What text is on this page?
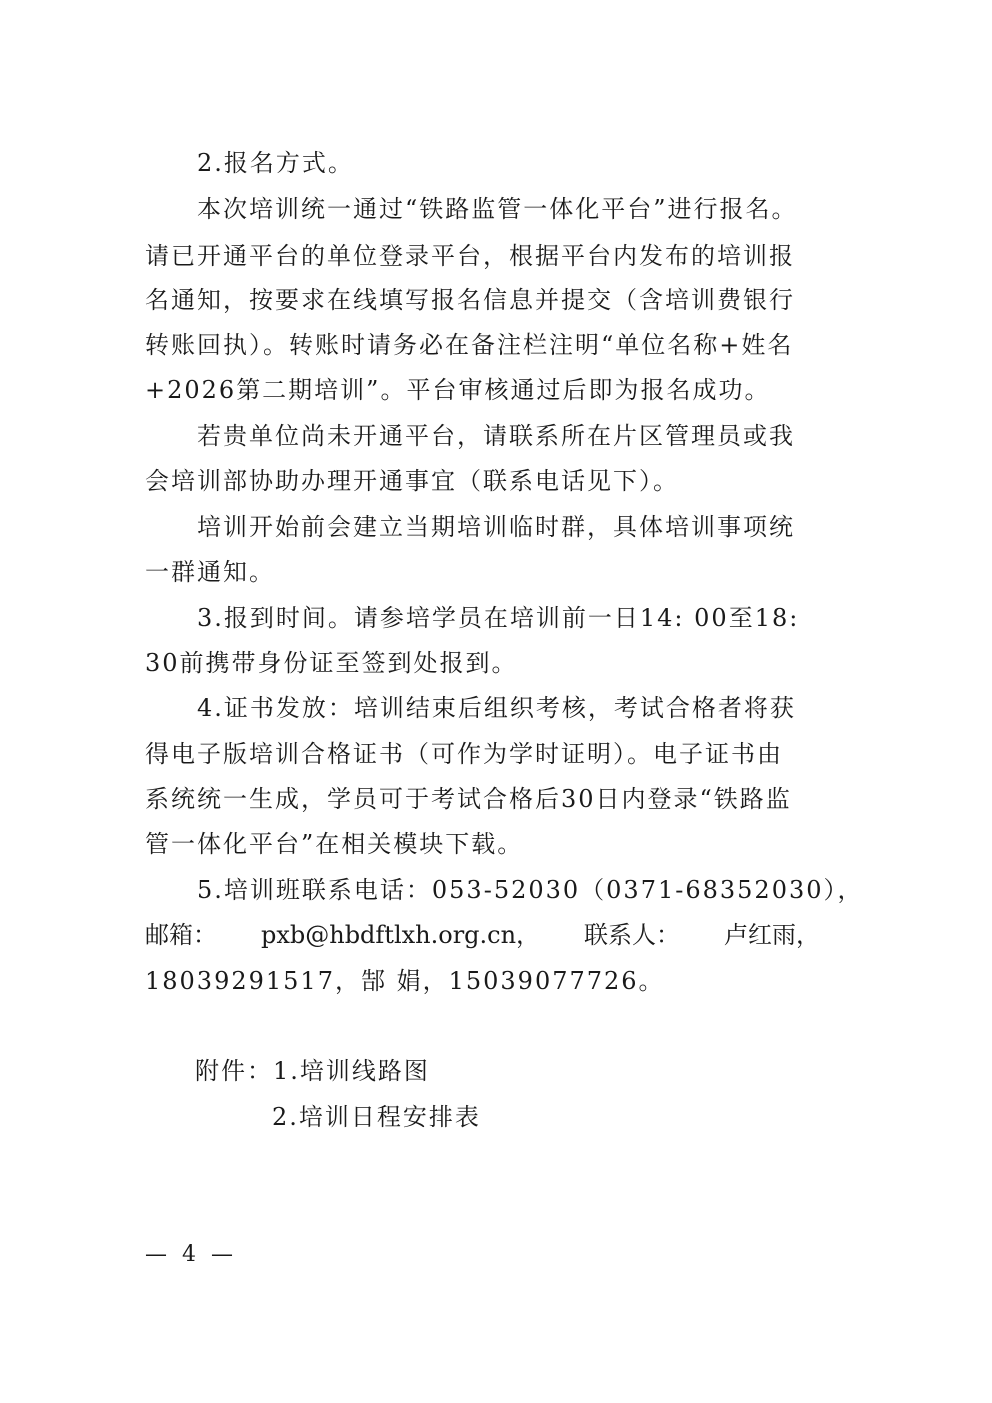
2.报名方式。

本次培训统一通过“铁路监管一体化平台”进行报名。

请已开通平台的单位登录平台，根据平台内发布的培训报

名通知，按要求在线填写报名信息并提交（含培训费银行

转账回执）。转账时请务必在备注栏注明“单位名称+姓名

+2026第二期培训”。平台审核通过后即为报名成功。

若贵单位尚未开通平台，请联系所在片区管理员或我

会培训部协助办理开通事宜（联系电话见下）。

培训开始前会建立当期培训临时群，具体培训事项统

一群通知。

3.报到时间。请参培学员在培训前一日14: 00至18:

30前携带身份证至签到处报到。

4.证书发放：培训结束后组织考核，考试合格者将获

得电子版培训合格证书（可作为学时证明）。电子证书由

系统统一生成，学员可于考试合格后30日内登录“铁路监

管一体化平台”在相关模块下载。

5.培训班联系电话：053-52030（0371-68352030），

邮箱： pxb@hbdftlxh.org.cn， 联系人： 卢红雨，

18039291517，郜 娟，15039077726。

附件：1.培训线路图

2.培训日程安排表

— 4 —
